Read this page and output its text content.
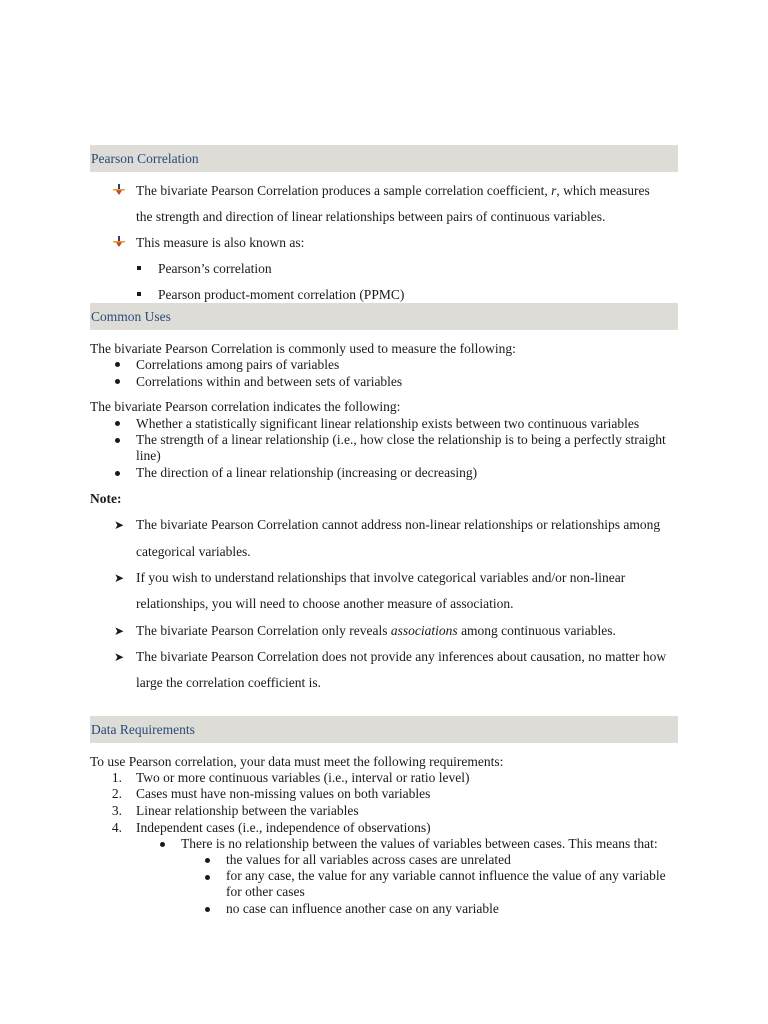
Pearson Correlation
The bivariate Pearson Correlation produces a sample correlation coefficient, r, which measures
the strength and direction of linear relationships between pairs of continuous variables.
This measure is also known as:
Pearson’s correlation
Pearson product-moment correlation (PPMC)
Common Uses
The bivariate Pearson Correlation is commonly used to measure the following:
Correlations among pairs of variables
Correlations within and between sets of variables
The bivariate Pearson correlation indicates the following:
Whether a statistically significant linear relationship exists between two continuous variables
The strength of a linear relationship (i.e., how close the relationship is to being a perfectly straight
line)
The direction of a linear relationship (increasing or decreasing)
Note:
➤ The bivariate Pearson Correlation cannot address non-linear relationships or relationships among
categorical variables.
➤ If you wish to understand relationships that involve categorical variables and/or non-linear
relationships, you will need to choose another measure of association.
➤ The bivariate Pearson Correlation only reveals associations among continuous variables.
➤ The bivariate Pearson Correlation does not provide any inferences about causation, no matter how
large the correlation coefficient is.
Data Requirements
To use Pearson correlation, your data must meet the following requirements:
1. Two or more continuous variables (i.e., interval or ratio level)
2. Cases must have non-missing values on both variables
3. Linear relationship between the variables
4. Independent cases (i.e., independence of observations)
There is no relationship between the values of variables between cases. This means that:
the values for all variables across cases are unrelated
for any case, the value for any variable cannot influence the value of any variable
for other cases
no case can influence another case on any variable
